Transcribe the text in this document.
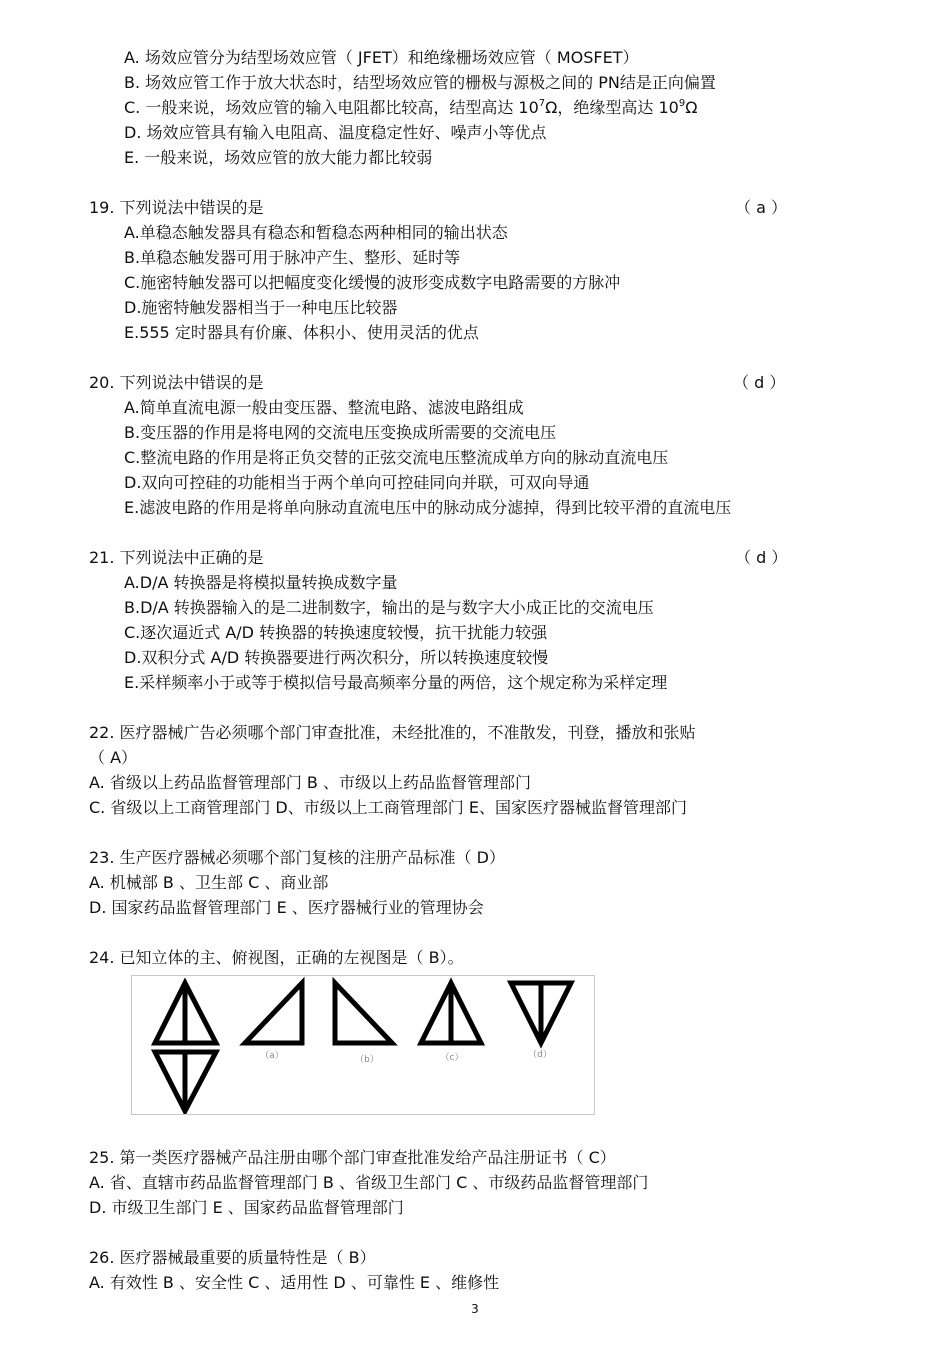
A. 场效应管分为结型场效应管（ JFET）和绝缘栅场效应管（ MOSFET）
B. 场效应管工作于放大状态时，结型场效应管的栅极与源极之间的 PN结是正向偏置
C. 一般来说，场效应管的输入电阻都比较高，结型高达 $10^7\Omega$，绝缘型高达 $10^9\Omega$
D. 场效应管具有输入电阻高、温度稳定性好、噪声小等优点
E. 一般来说，场效应管的放大能力都比较弱
19. 下列说法中错误的是	（ a ）
A.单稳态触发器具有稳态和暂稳态两种相同的输出状态
B.单稳态触发器可用于脉冲产生、整形、延时等
C.施密特触发器可以把幅度变化缓慢的波形变成数字电路需要的方脉冲
D.施密特触发器相当于一种电压比较器
E.555 定时器具有价廉、体积小、使用灵活的优点
20. 下列说法中错误的是	（ d ）
A.简单直流电源一般由变压器、整流电路、滤波电路组成
B.变压器的作用是将电网的交流电压变换成所需要的交流电压
C.整流电路的作用是将正负交替的正弦交流电压整流成单方向的脉动直流电压
D.双向可控硅的功能相当于两个单向可控硅同向并联，可双向导通
E.滤波电路的作用是将单向脉动直流电压中的脉动成分滤掉，得到比较平滑的直流电压
21. 下列说法中正确的是	（ d ）
A.D/A 转换器是将模拟量转换成数字量
B.D/A 转换器输入的是二进制数字，输出的是与数字大小成正比的交流电压
C.逐次逼近式 A/D 转换器的转换速度较慢，抗干扰能力较强
D.双积分式 A/D 转换器要进行两次积分，所以转换速度较慢
E.采样频率小于或等于模拟信号最高频率分量的两倍，这个规定称为采样定理
22. 医疗器械广告必须哪个部门审查批准，未经批准的，不准散发，刊登，播放和张贴
（ A）
A. 省级以上药品监督管理部门 B 、市级以上药品监督管理部门
C. 省级以上工商管理部门 D、市级以上工商管理部门 E、国家医疗器械监督管理部门
23. 生产医疗器械必须哪个部门复核的注册产品标准（ D）
A. 机械部 B 、卫生部 C 、商业部
D. 国家药品监督管理部门 E 、医疗器械行业的管理协会
24. 已知立体的主、俯视图，正确的左视图是（ B）。
（a）	（b）	（c）	（d）
25. 第一类医疗器械产品注册由哪个部门审查批准发给产品注册证书（ C）
A. 省、直辖市药品监督管理部门 B 、省级卫生部门 C 、市级药品监督管理部门
D. 市级卫生部门 E 、国家药品监督管理部门
26. 医疗器械最重要的质量特性是（ B）
A. 有效性 B 、安全性 C 、适用性 D 、可靠性 E 、维修性
3
